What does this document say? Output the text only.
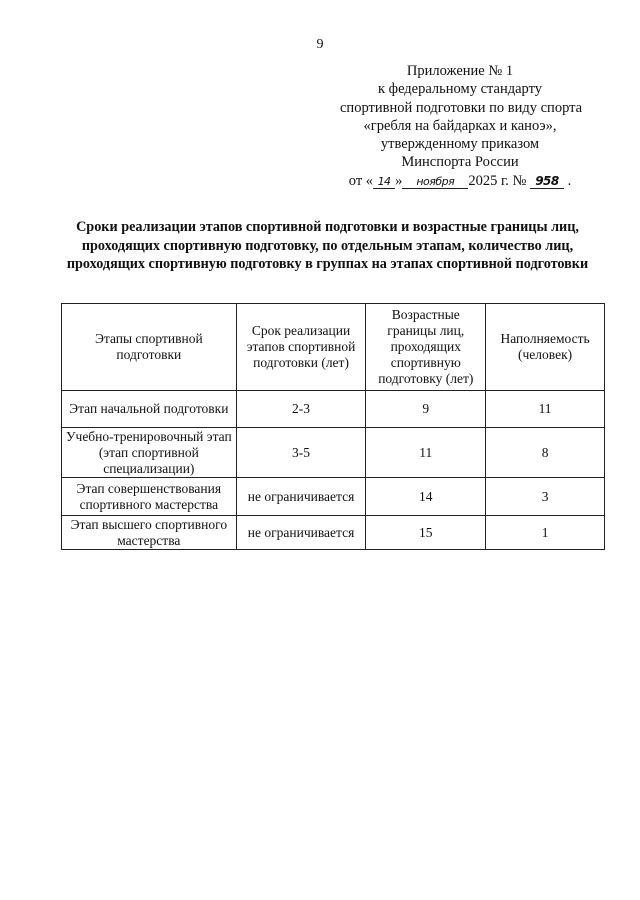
9
Приложение № 1
к федеральному стандарту
спортивной подготовки по виду спорта
«гребля на байдарках и каноэ»,
утвержденному приказом
Минспорта России
от « 14 » ноября 2025 г. № 958 .
Сроки реализации этапов спортивной подготовки и возрастные границы лиц, проходящих спортивную подготовку, по отдельным этапам, количество лиц, проходящих спортивную подготовку в группах на этапах спортивной подготовки
Этапы спортивной подготовки	Срок реализации этапов спортивной подготовки (лет)	Возрастные границы лиц, проходящих спортивную подготовку (лет)	Наполняемость (человек)
Этап начальной подготовки	2-3	9	11
Учебно-тренировочный этап (этап спортивной специализации)	3-5	11	8
Этап совершенствования спортивного мастерства	не ограничивается	14	3
Этап высшего спортивного мастерства	не ограничивается	15	1
